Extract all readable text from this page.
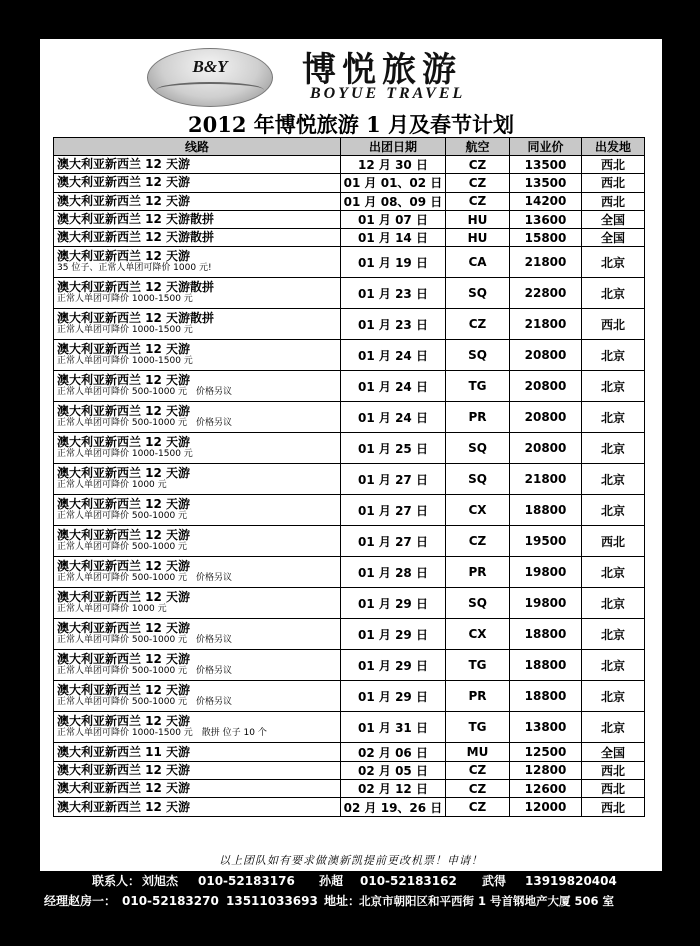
B&Y	博悦旅游
BOYUE TRAVEL
2012 年博悦旅游 1 月及春节计划
线路	出团日期	航空	同业价	出发地

澳大利亚新西兰 12 天游	12 月 30 日	CZ	13500	西北

澳大利亚新西兰 12 天游	01 月 01、02 日	CZ	13500	西北

澳大利亚新西兰 12 天游	01 月 08、09 日	CZ	14200	西北

澳大利亚新西兰 12 天游散拼	01 月 07 日	HU	13600	全国

澳大利亚新西兰 12 天游散拼	01 月 14 日	HU	15800	全国

澳大利亚新西兰 12 天游
35 位子、正常人单团可降价 1000 元!	01 月 19 日	CA	21800	北京

澳大利亚新西兰 12 天游散拼
正常人单团可降价 1000-1500 元	01 月 23 日	SQ	22800	北京

澳大利亚新西兰 12 天游散拼
正常人单团可降价 1000-1500 元	01 月 23 日	CZ	21800	西北

澳大利亚新西兰 12 天游
正常人单团可降价 1000-1500 元	01 月 24 日	SQ	20800	北京

澳大利亚新西兰 12 天游
正常人单团可降价 500-1000 元　价格另议	01 月 24 日	TG	20800	北京

澳大利亚新西兰 12 天游
正常人单团可降价 500-1000 元　价格另议	01 月 24 日	PR	20800	北京

澳大利亚新西兰 12 天游
正常人单团可降价 1000-1500 元	01 月 25 日	SQ	20800	北京

澳大利亚新西兰 12 天游
正常人单团可降价 1000 元	01 月 27 日	SQ	21800	北京

澳大利亚新西兰 12 天游
正常人单团可降价 500-1000 元	01 月 27 日	CX	18800	北京

澳大利亚新西兰 12 天游
正常人单团可降价 500-1000 元	01 月 27 日	CZ	19500	西北

澳大利亚新西兰 12 天游
正常人单团可降价 500-1000 元　价格另议	01 月 28 日	PR	19800	北京

澳大利亚新西兰 12 天游
正常人单团可降价 1000 元	01 月 29 日	SQ	19800	北京

澳大利亚新西兰 12 天游
正常人单团可降价 500-1000 元　价格另议	01 月 29 日	CX	18800	北京

澳大利亚新西兰 12 天游
正常人单团可降价 500-1000 元　价格另议	01 月 29 日	TG	18800	北京

澳大利亚新西兰 12 天游
正常人单团可降价 500-1000 元　价格另议	01 月 29 日	PR	18800	北京

澳大利亚新西兰 12 天游
正常人单团可降价 1000-1500 元　散拼 位子 10 个	01 月 31 日	TG	13800	北京

澳大利亚新西兰 11 天游	02 月 06 日	MU	12500	全国

澳大利亚新西兰 12 天游	02 月 05 日	CZ	12800	西北

澳大利亚新西兰 12 天游	02 月 12 日	CZ	12600	西北

澳大利亚新西兰 12 天游	02 月 19、26 日	CZ	12000	西北
以上团队如有要求做澳新凯提前更改机票！申请！
联系人： 刘旭杰 010-52183176 孙超 010-52183162 武得 13919820404
经理赵房一： 010-52183270 13511033693 地址：
北京市朝阳区和平西街 1 号首钢地产大厦 506 室
